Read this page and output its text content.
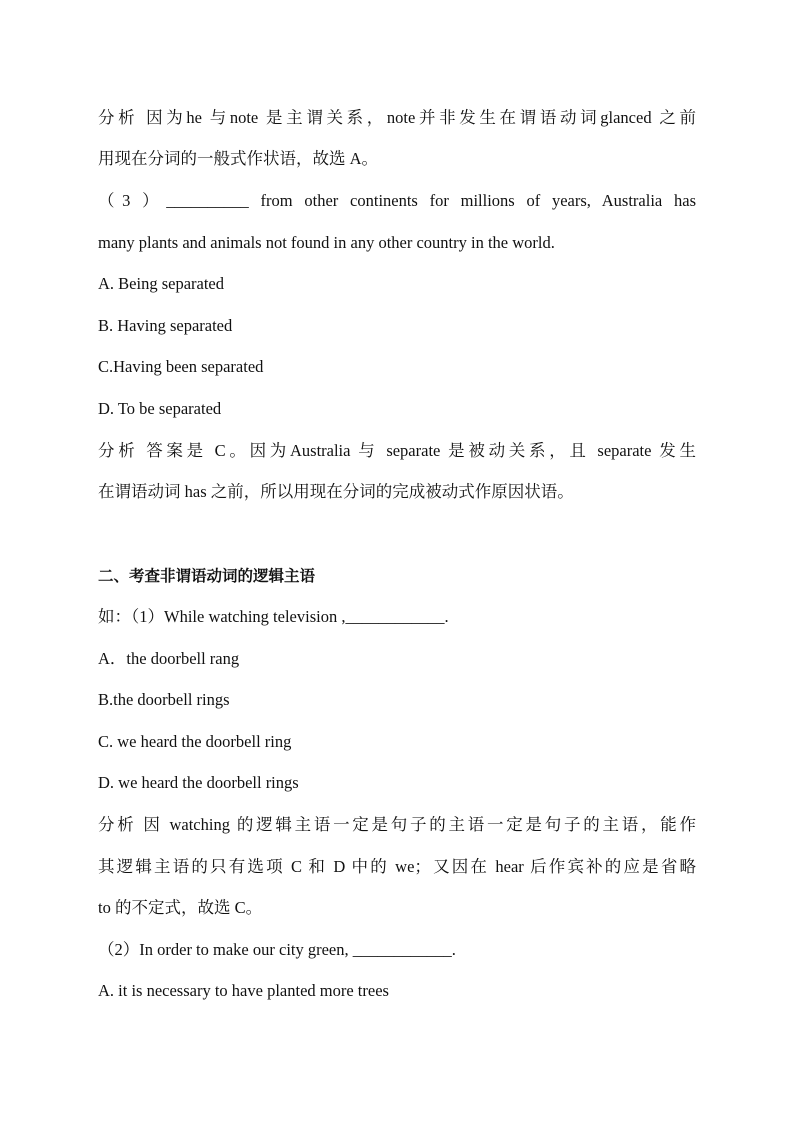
分析 因为he 与note 是主谓关系，note并非发生在谓语动词glanced 之前
用现在分词的一般式作状语，故选 A。
（3 ）__________ from other continents for millions of years, Australia has
many plants and animals not found in any other country in the world.
A. Being separated
B. Having separated
C.Having been separated
D. To be separated
分析 答案是 C。因为Australia 与 separate 是被动关系，且 separate 发生
在谓语动词 has 之前，所以用现在分词的完成被动式作原因状语。
二、考查非谓语动词的逻辑主语
如：（1）While watching television ,____________.
A．the doorbell rang
B.the doorbell rings
C. we heard the doorbell ring
D. we heard the doorbell rings
分析 因 watching 的逻辑主语一定是句子的主语一定是句子的主语，能作
其逻辑主语的只有选项 C 和 D 中的 we；又因在 hear 后作宾补的应是省略
to 的不定式，故选 C。
（2）In order to make our city green, ____________.
A. it is necessary to have planted more trees
